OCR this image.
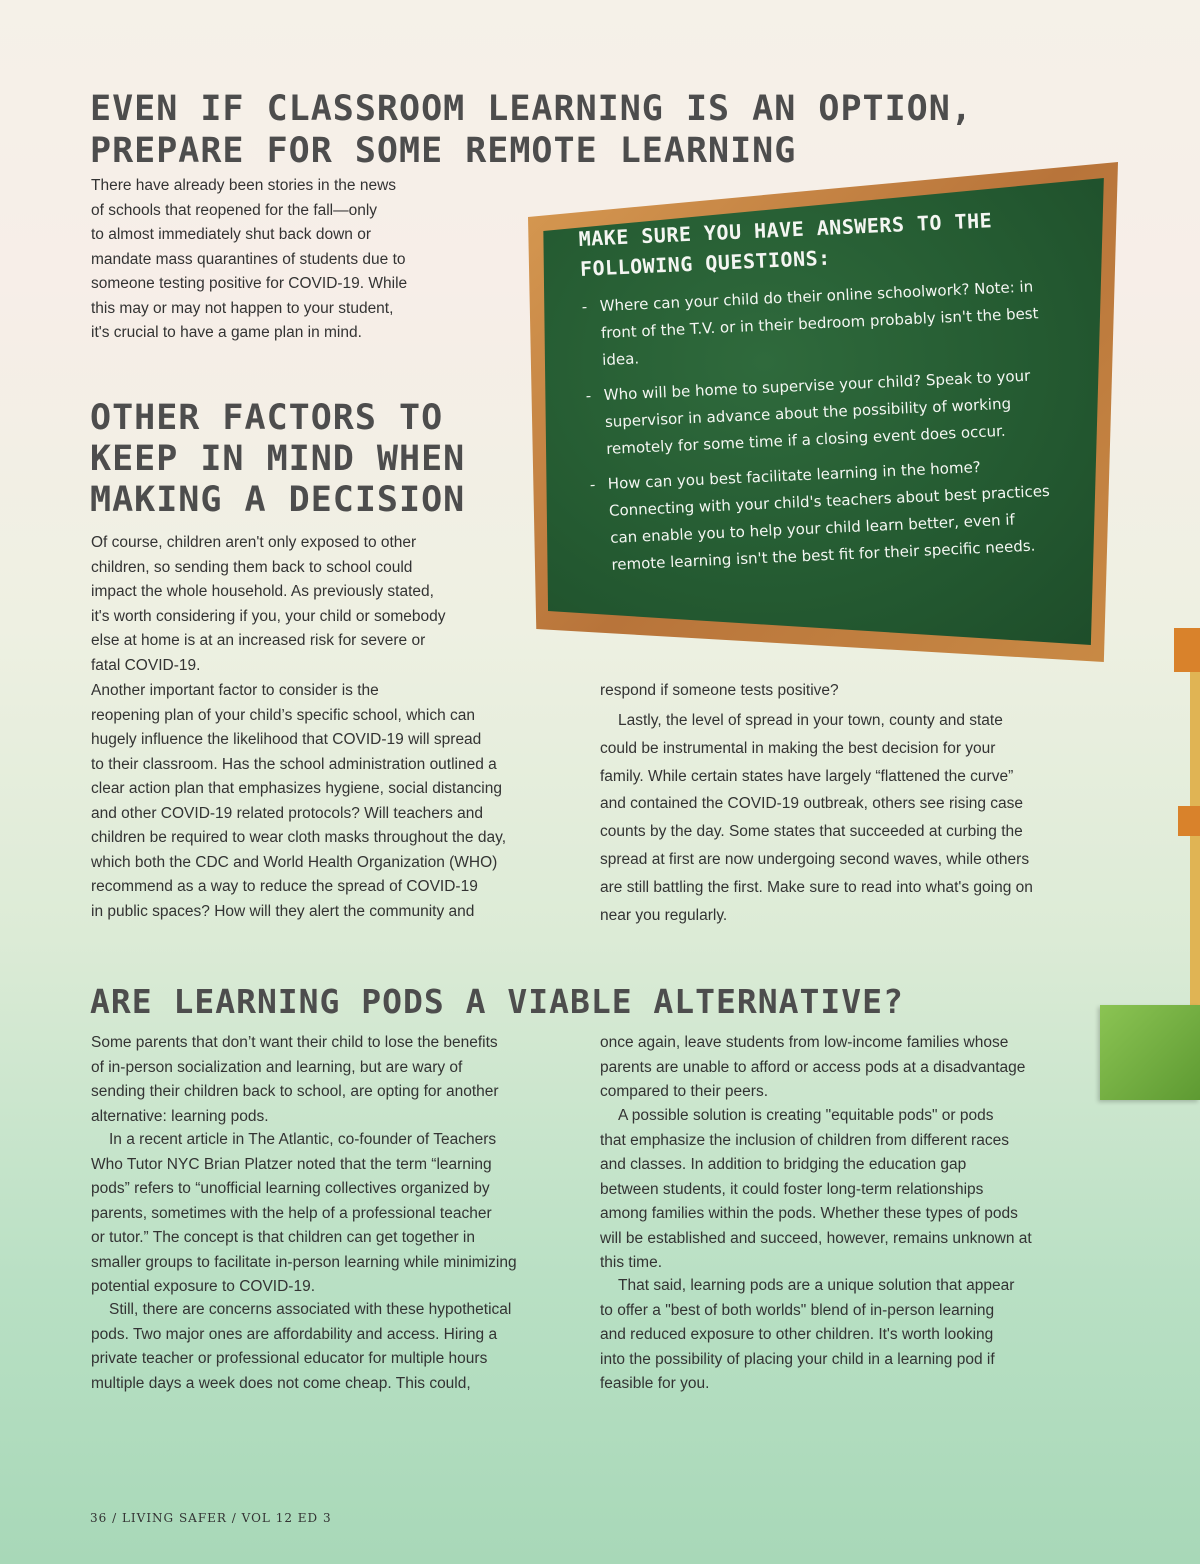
EVEN IF CLASSROOM LEARNING IS AN OPTION,
PREPARE FOR SOME REMOTE LEARNING

There have already been stories in the news
of schools that reopened for the fall—only
to almost immediately shut back down or
mandate mass quarantines of students due to
someone testing positive for COVID-19. While
this may or may not happen to your student,
it's crucial to have a game plan in mind.

MAKE SURE YOU HAVE ANSWERS TO THE FOLLOWING QUESTIONS:

- Where can your child do their online schoolwork? Note: in front of the T.V. or in their bedroom probably isn't the best idea.
- Who will be home to supervise your child? Speak to your supervisor in advance about the possibility of working remotely for some time if a closing event does occur.
- How can you best facilitate learning in the home? Connecting with your child's teachers about best practices can enable you to help your child learn better, even if remote learning isn't the best fit for their specific needs.
OTHER FACTORS TO
KEEP IN MIND WHEN
MAKING A DECISION

Of course, children aren't only exposed to other
children, so sending them back to school could
impact the whole household. As previously stated,
it's worth considering if you, your child or somebody
else at home is at an increased risk for severe or
fatal COVID-19.

Another important factor to consider is the
reopening plan of your child’s specific school, which can
hugely influence the likelihood that COVID-19 will spread
to their classroom. Has the school administration outlined a
clear action plan that emphasizes hygiene, social distancing
and other COVID-19 related protocols? Will teachers and
children be required to wear cloth masks throughout the day,
which both the CDC and World Health Organization (WHO)
recommend as a way to reduce the spread of COVID-19
in public spaces? How will they alert the community and

respond if someone tests positive?

Lastly, the level of spread in your town, county and state
could be instrumental in making the best decision for your
family. While certain states have largely “flattened the curve”
and contained the COVID-19 outbreak, others see rising case
counts by the day. Some states that succeeded at curbing the
spread at first are now undergoing second waves, while others
are still battling the first. Make sure to read into what's going on
near you regularly.

ARE LEARNING PODS A VIABLE ALTERNATIVE?

Some parents that don’t want their child to lose the benefits
of in-person socialization and learning, but are wary of
sending their children back to school, are opting for another
alternative: learning pods.

In a recent article in The Atlantic, co-founder of Teachers
Who Tutor NYC Brian Platzer noted that the term “learning
pods” refers to “unofficial learning collectives organized by
parents, sometimes with the help of a professional teacher
or tutor.” The concept is that children can get together in
smaller groups to facilitate in-person learning while minimizing
potential exposure to COVID-19.

Still, there are concerns associated with these hypothetical
pods. Two major ones are affordability and access. Hiring a
private teacher or professional educator for multiple hours
multiple days a week does not come cheap. This could,

once again, leave students from low-income families whose
parents are unable to afford or access pods at a disadvantage
compared to their peers.

A possible solution is creating "equitable pods" or pods
that emphasize the inclusion of children from different races
and classes. In addition to bridging the education gap
between students, it could foster long-term relationships
among families within the pods. Whether these types of pods
will be established and succeed, however, remains unknown at
this time.

That said, learning pods are a unique solution that appear
to offer a "best of both worlds" blend of in-person learning
and reduced exposure to other children. It's worth looking
into the possibility of placing your child in a learning pod if
feasible for you.

36 / LIVING SAFER / VOL 12 ED 3
